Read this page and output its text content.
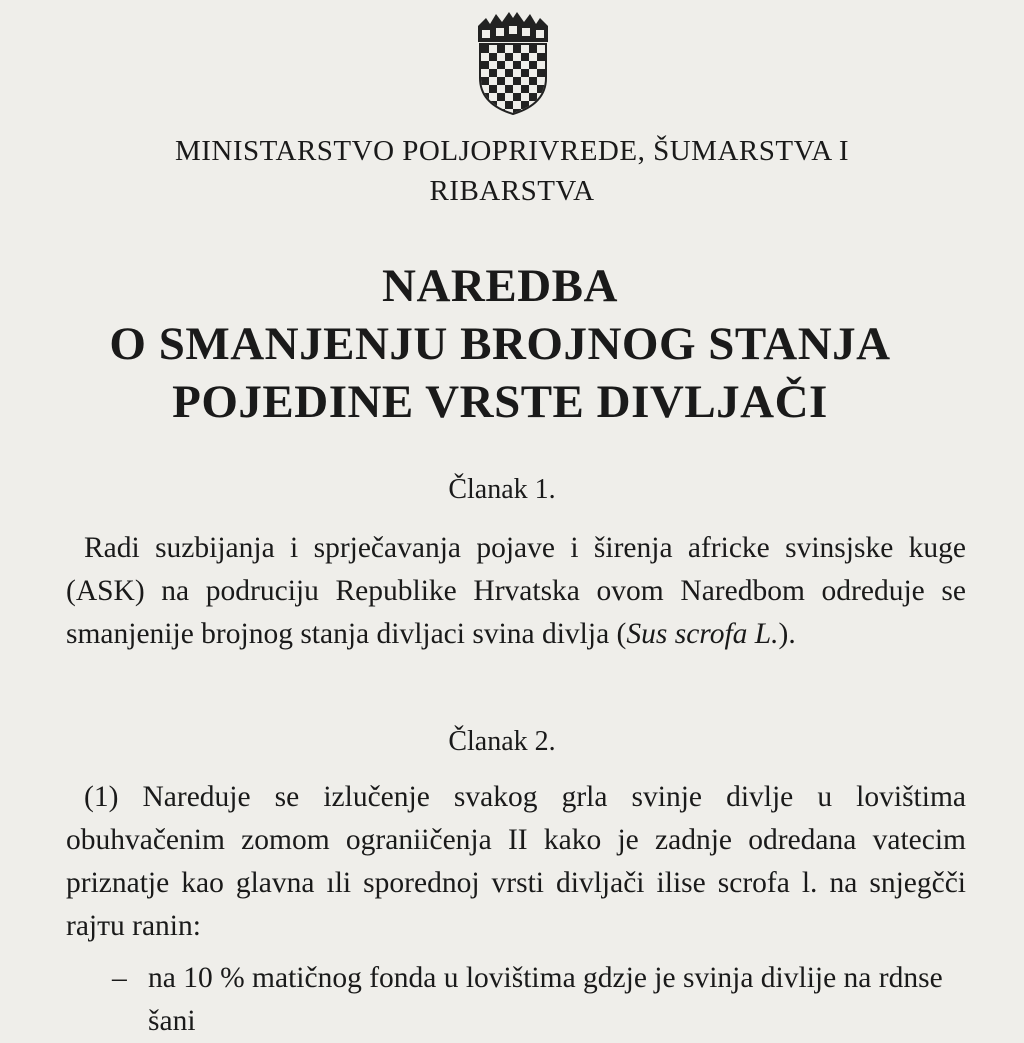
MINISTARSTVO POLJOPRIVREDE, ŠUMARSTVA I
RIBARSTVA
NAREDBA
O SMANJENJU BROJNOG STANJA
POJEDINE VRSTE DIVLJAČI
Članak 1.
Radi suzbijanja i sprječavanja pojave i širenja africke svinsjske kuge (ASK) na podruciju Republike Hrvatska ovom Naredbom odreduje se smanjenije brojnog stanja divljaci svina divlja (Sus scrofa L.).
Članak 2.
(1) Nareduje se izlučenje svakog grla svinje divlje u lovištima obuhvačenim zomom ograniičenja II kako je zadnje odredana vatecim priznatje kao glavna ıli sporednoj vrsti divljači ilise scrofa l. na snjegčči rajтu ranin:
– na 10 % matičnog fonda u lovištima gdzje je svinja divlije na rdnse šani
